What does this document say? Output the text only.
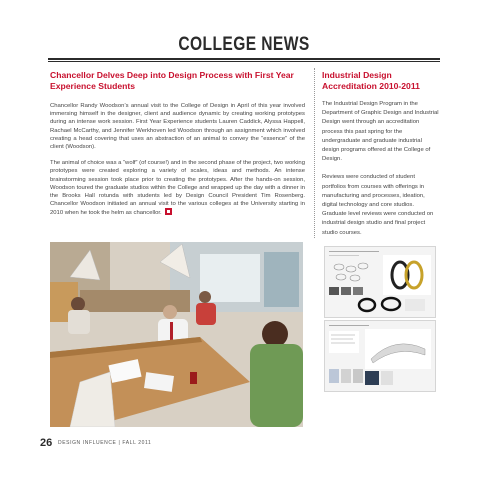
COLLEGE NEWS
Chancellor Delves Deep into Design Process with First Year Experience Students

Chancellor Randy Woodson’s annual visit to the College of Design in April of this year involved immersing himself in the designer, client and audience dynamic by creating working prototypes during an intense work session. First Year Experience students Lauren Caddick, Alyssa Happell, Rachael McCarthy, and Jennifer Werkhoven led Woodson through an assignment which involved creating a head covering that uses an abstraction of an animal to convey the “essence” of the client (Woodson).

The animal of choice was a “wolf” (of course!) and in the second phase of the project, two working prototypes were created exploring a variety of scales, ideas and methods. An intense brainstorming session took place prior to creating the prototypes. After the hands-on session, Woodson toured the graduate studios within the College and wrapped up the day with a dinner in the Brooks Hall rotunda with students led by Design Council President Tim Rosenberg. Chancellor Woodson initiated an annual visit to the various colleges at the University starting in 2010 when he took the helm as chancellor.

Industrial Design Accreditation 2010-2011

The Industrial Design Program in the Department of Graphic Design and Industrial Design went through an accreditation process this past spring for the undergraduate and graduate industrial design programs offered at the College of Design.

Reviews were conducted of student portfolios from courses with offerings in manufacturing and processes, ideation, digital technology and core studios. Graduate level reviews were conducted on industrial design studio and final project studio courses.

26 DESIGN INFLUENCE | FALL 2011
